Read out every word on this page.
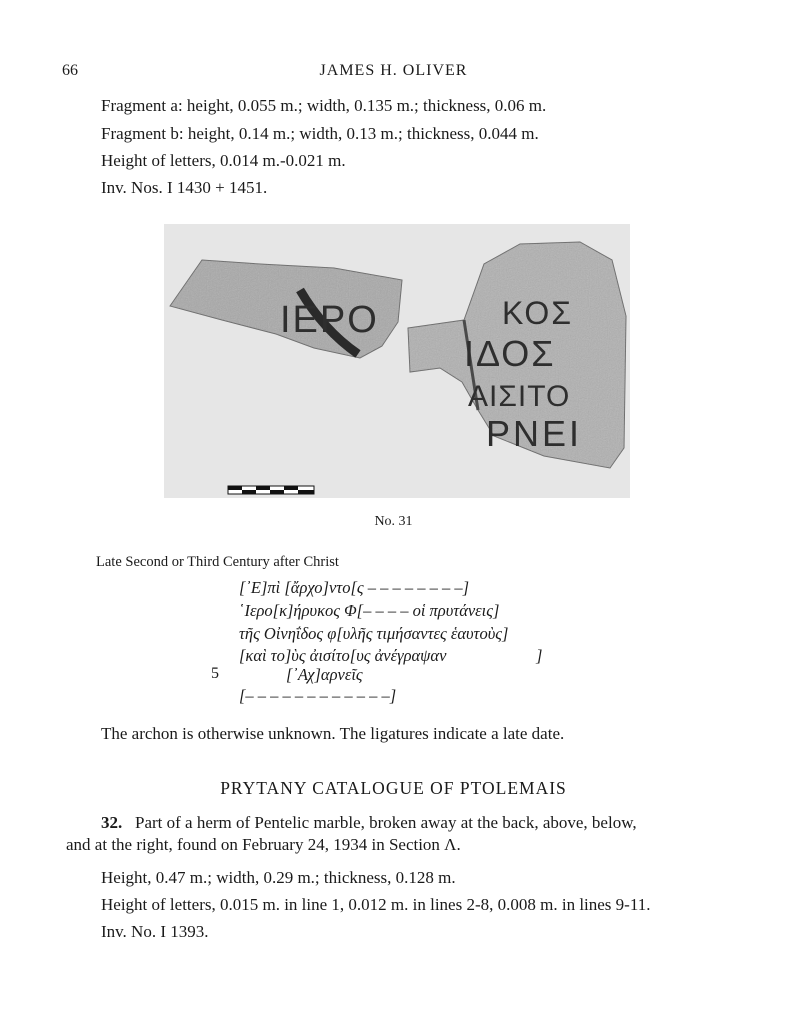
66	JAMES H. OLIVER
Fragment a: height, 0.055 m.; width, 0.135 m.; thickness, 0.06 m.
Fragment b: height, 0.14 m.; width, 0.13 m.; thickness, 0.044 m.
Height of letters, 0.014 m.-0.021 m.
Inv. Nos. I 1430 + 1451.
ΙΕΡΟ	ΚΟΣ
ΙΔΟΣ
ΑΙΣΙΤΟ
ΡΝΕΙ
No. 31
Late Second or Third Century after Christ
[᾿Ε]πὶ [ἄρχο]ντο[ς – – – – – – – –]
῾Ιερο[κ]ήρυκος Φ[– – – – οἱ πρυτάνεις]
τῆς Οἰνηΐδος φ[υλῆς τιμήσαντες ἑαυτοὺς]
[καὶ το]ὺς ἀισίτο[υς ἀνέγραψαν	]
5	[᾿Αχ]αρνεῖς
[– – – – – – – – – – – –]
The archon is otherwise unknown. The ligatures indicate a late date.
PRYTANY CATALOGUE OF PTOLEMAIS
32. Part of a herm of Pentelic marble, broken away at the back, above, below,
and at the right, found on February 24, 1934 in Section Λ.
Height, 0.47 m.; width, 0.29 m.; thickness, 0.128 m.
Height of letters, 0.015 m. in line 1, 0.012 m. in lines 2-8, 0.008 m. in lines 9-11.
Inv. No. I 1393.
